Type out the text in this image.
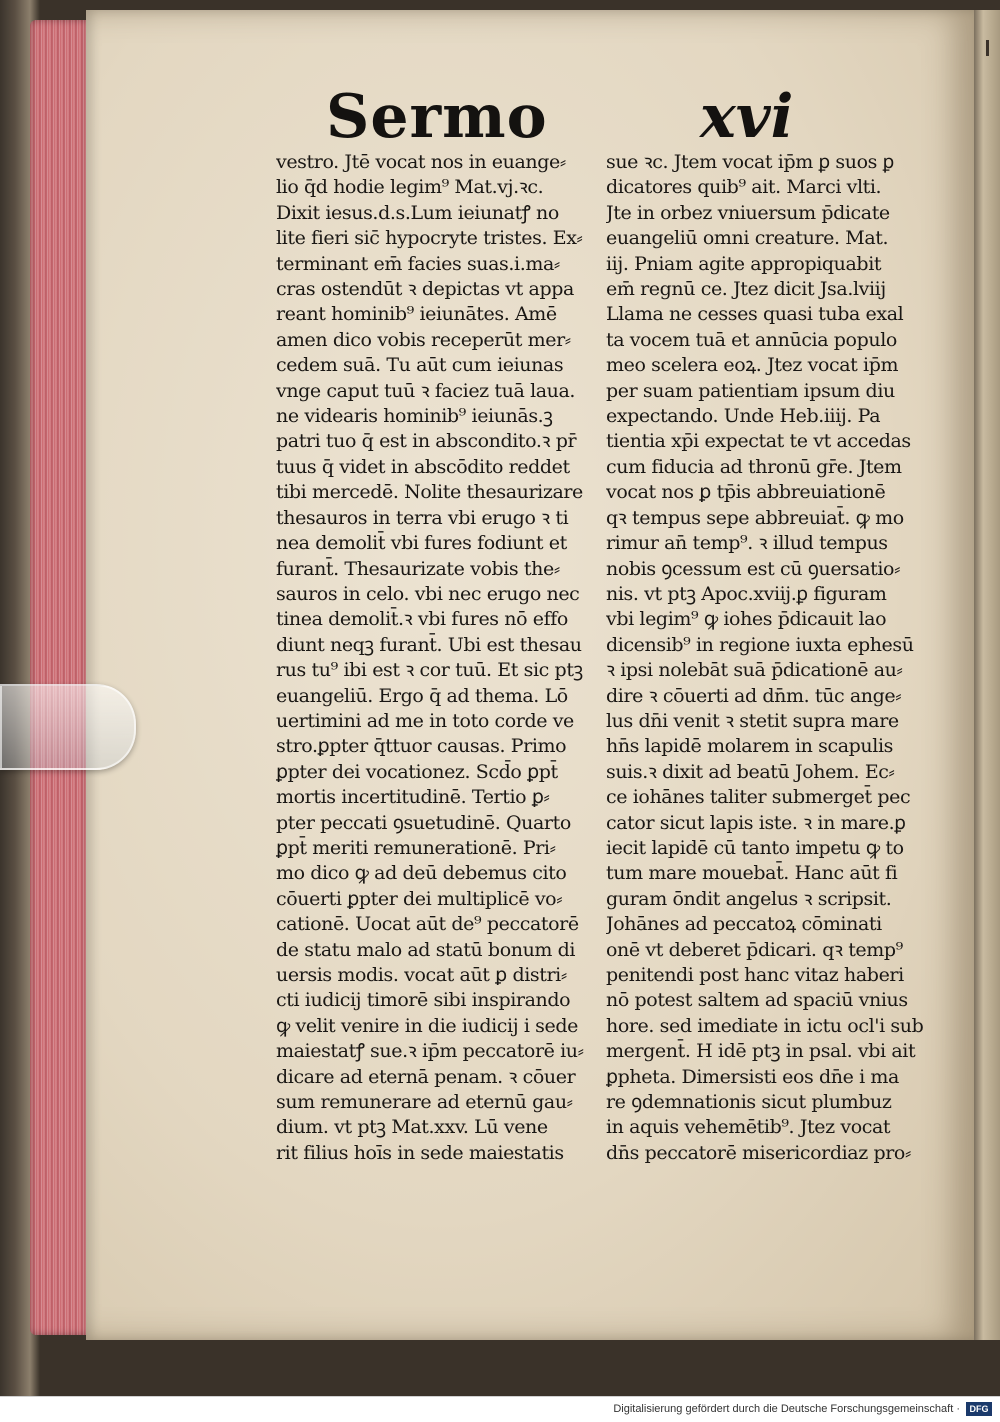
Sermo	xvi
vestro. Jtē vocat nos in euange⸗
lio q̄d hodie legim⁹ Mat.vj.ꝛc.
Dixit iesus.d.s.Lum ieiunatꝭ no
lite fieri sic̄ hypocryte tristes. Ex⸗
terminant em̄ facies suas.i.ma⸗
cras ostendūt ꝛ depictas vt appa
reant hominib⁹ ieiunātes. Amē
amen dico vobis receperūt mer⸗
cedem suā. Tu aūt cum ieiunas
vnge caput tuū ꝛ faciez tuā laua.
ne videaris hominib⁹ ieiunās.ꝫ
patri tuo q̄ est in abscondito.ꝛ pr̄
tuus q̄ videt in abscōdito reddet
tibi mercedē. Nolite thesaurizare
thesauros in terra vbi erugo ꝛ ti
nea demolit̄ vbi fures fodiunt et
furant̄. Thesaurizate vobis the⸗
sauros in celo. vbi nec erugo nec
tinea demolit̄.ꝛ vbi fures nō effo
diunt neqꝫ furant̄. Ubi est thesau
rus tu⁹ ibi est ꝛ cor tuū. Et sic ptꝫ
euangeliū. Ergo q̄ ad thema. Lō
uertimini ad me in toto corde ve
stro.ꝑpter q̄ttuor causas. Primo
ꝑpter dei vocationez. Scd̄o ꝑpt̄
mortis incertitudinē. Tertio ꝑ⸗
pter peccati ꝯsuetudinē. Quarto
ꝑpt̄ meriti remunerationē. Pri⸗
mo dico ꝙ ad deū debemus cito
cōuerti ꝑpter dei multiplicē vo⸗
cationē. Uocat aūt de⁹ peccatorē
de statu malo ad statū bonum di
uersis modis. vocat aūt ꝑ distri⸗
cti iudicij timorē sibi inspirando
ꝙ velit venire in die iudicij i sede
maiestatꝭ sue.ꝛ ip̄m peccatorē iu⸗
dicare ad eternā penam. ꝛ cōuer
sum remunerare ad eternū gau⸗
dium. vt ptꝫ Mat.xxv. Lū vene
rit filius hoīs in sede maiestatis
sue ꝛc. Jtem vocat ip̄m ꝑ suos ꝑ
dicatores quib⁹ ait. Marci vlti.
Jte in orbez vniuersum p̄dicate
euangeliū omni creature. Mat.
iij. Pniam agite appropiquabit
em̄ regnū ce. Jtez dicit Jsa.lviij
Llama ne cesses quasi tuba exal
ta vocem tuā et annūcia populo
meo scelera eoꝝ. Jtez vocat ip̄m
per suam patientiam ipsum diu
expectando. Unde Heb.iiij. Pa
tientia xp̄i expectat te vt accedas
cum fiducia ad thronū gr̄e. Jtem
vocat nos ꝑ tp̄is abbreuiationē
qꝛ tempus sepe abbreuiat̄. ꝙ mo
rimur an̄ temp⁹. ꝛ illud tempus
nobis ꝯcessum est cū ꝯuersatio⸗
nis. vt ptꝫ Apoc.xviij.ꝑ figuram
vbi legim⁹ ꝙ iohes p̄dicauit lao
dicensib⁹ in regione iuxta ephesū
ꝛ ipsi nolebāt suā p̄dicationē au⸗
dire ꝛ cōuerti ad dn̄m. tūc ange⸗
lus dn̄i venit ꝛ stetit supra mare
hn̄s lapidē molarem in scapulis
suis.ꝛ dixit ad beatū Johem. Ec⸗
ce iohānes taliter submerget̄ pec
cator sicut lapis iste. ꝛ in mare.ꝑ
iecit lapidē cū tanto impetu ꝙ to
tum mare mouebat̄. Hanc aūt fi
guram ōndit angelus ꝛ scripsit.
Johānes ad peccatoꝝ cōminati
onē vt deberet p̄dicari. qꝛ temp⁹
penitendi post hanc vitaz haberi
nō potest saltem ad spaciū vnius
hore. sed imediate in ictu ocl'i sub
mergent̄. H idē ptꝫ in psal. vbi ait
ꝑpheta. Dimersisti eos dn̄e i ma
re ꝯdemnationis sicut plumbuz
in aquis vehemētib⁹. Jtez vocat
dn̄s peccatorē misericordiaz pro⸗
Digitalisierung gefördert durch die Deutsche Forschungsgemeinschaft ·	DFG
